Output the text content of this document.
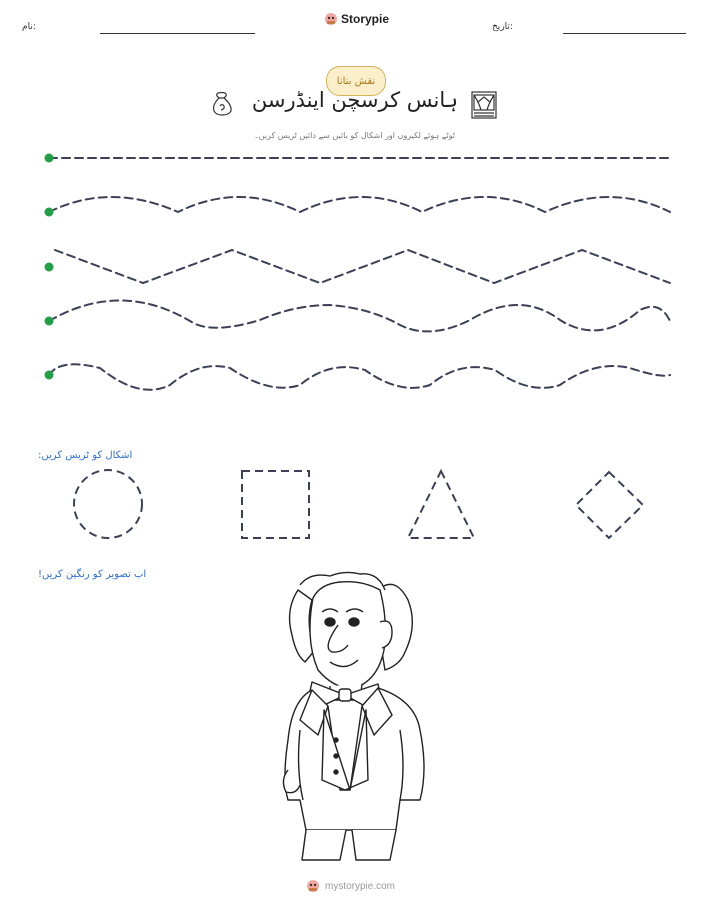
نام:
Storypie
تاریخ:
نقش بنانا
ہانس کرسچن اینڈرسن
ٹوٹے ہوئے لکیروں اور اشکال کو بائیں سے دائیں ٹریس کریں۔
اشکال کو ٹریس کریں:
اب تصویر کو رنگین کریں!
mystorypie.com
